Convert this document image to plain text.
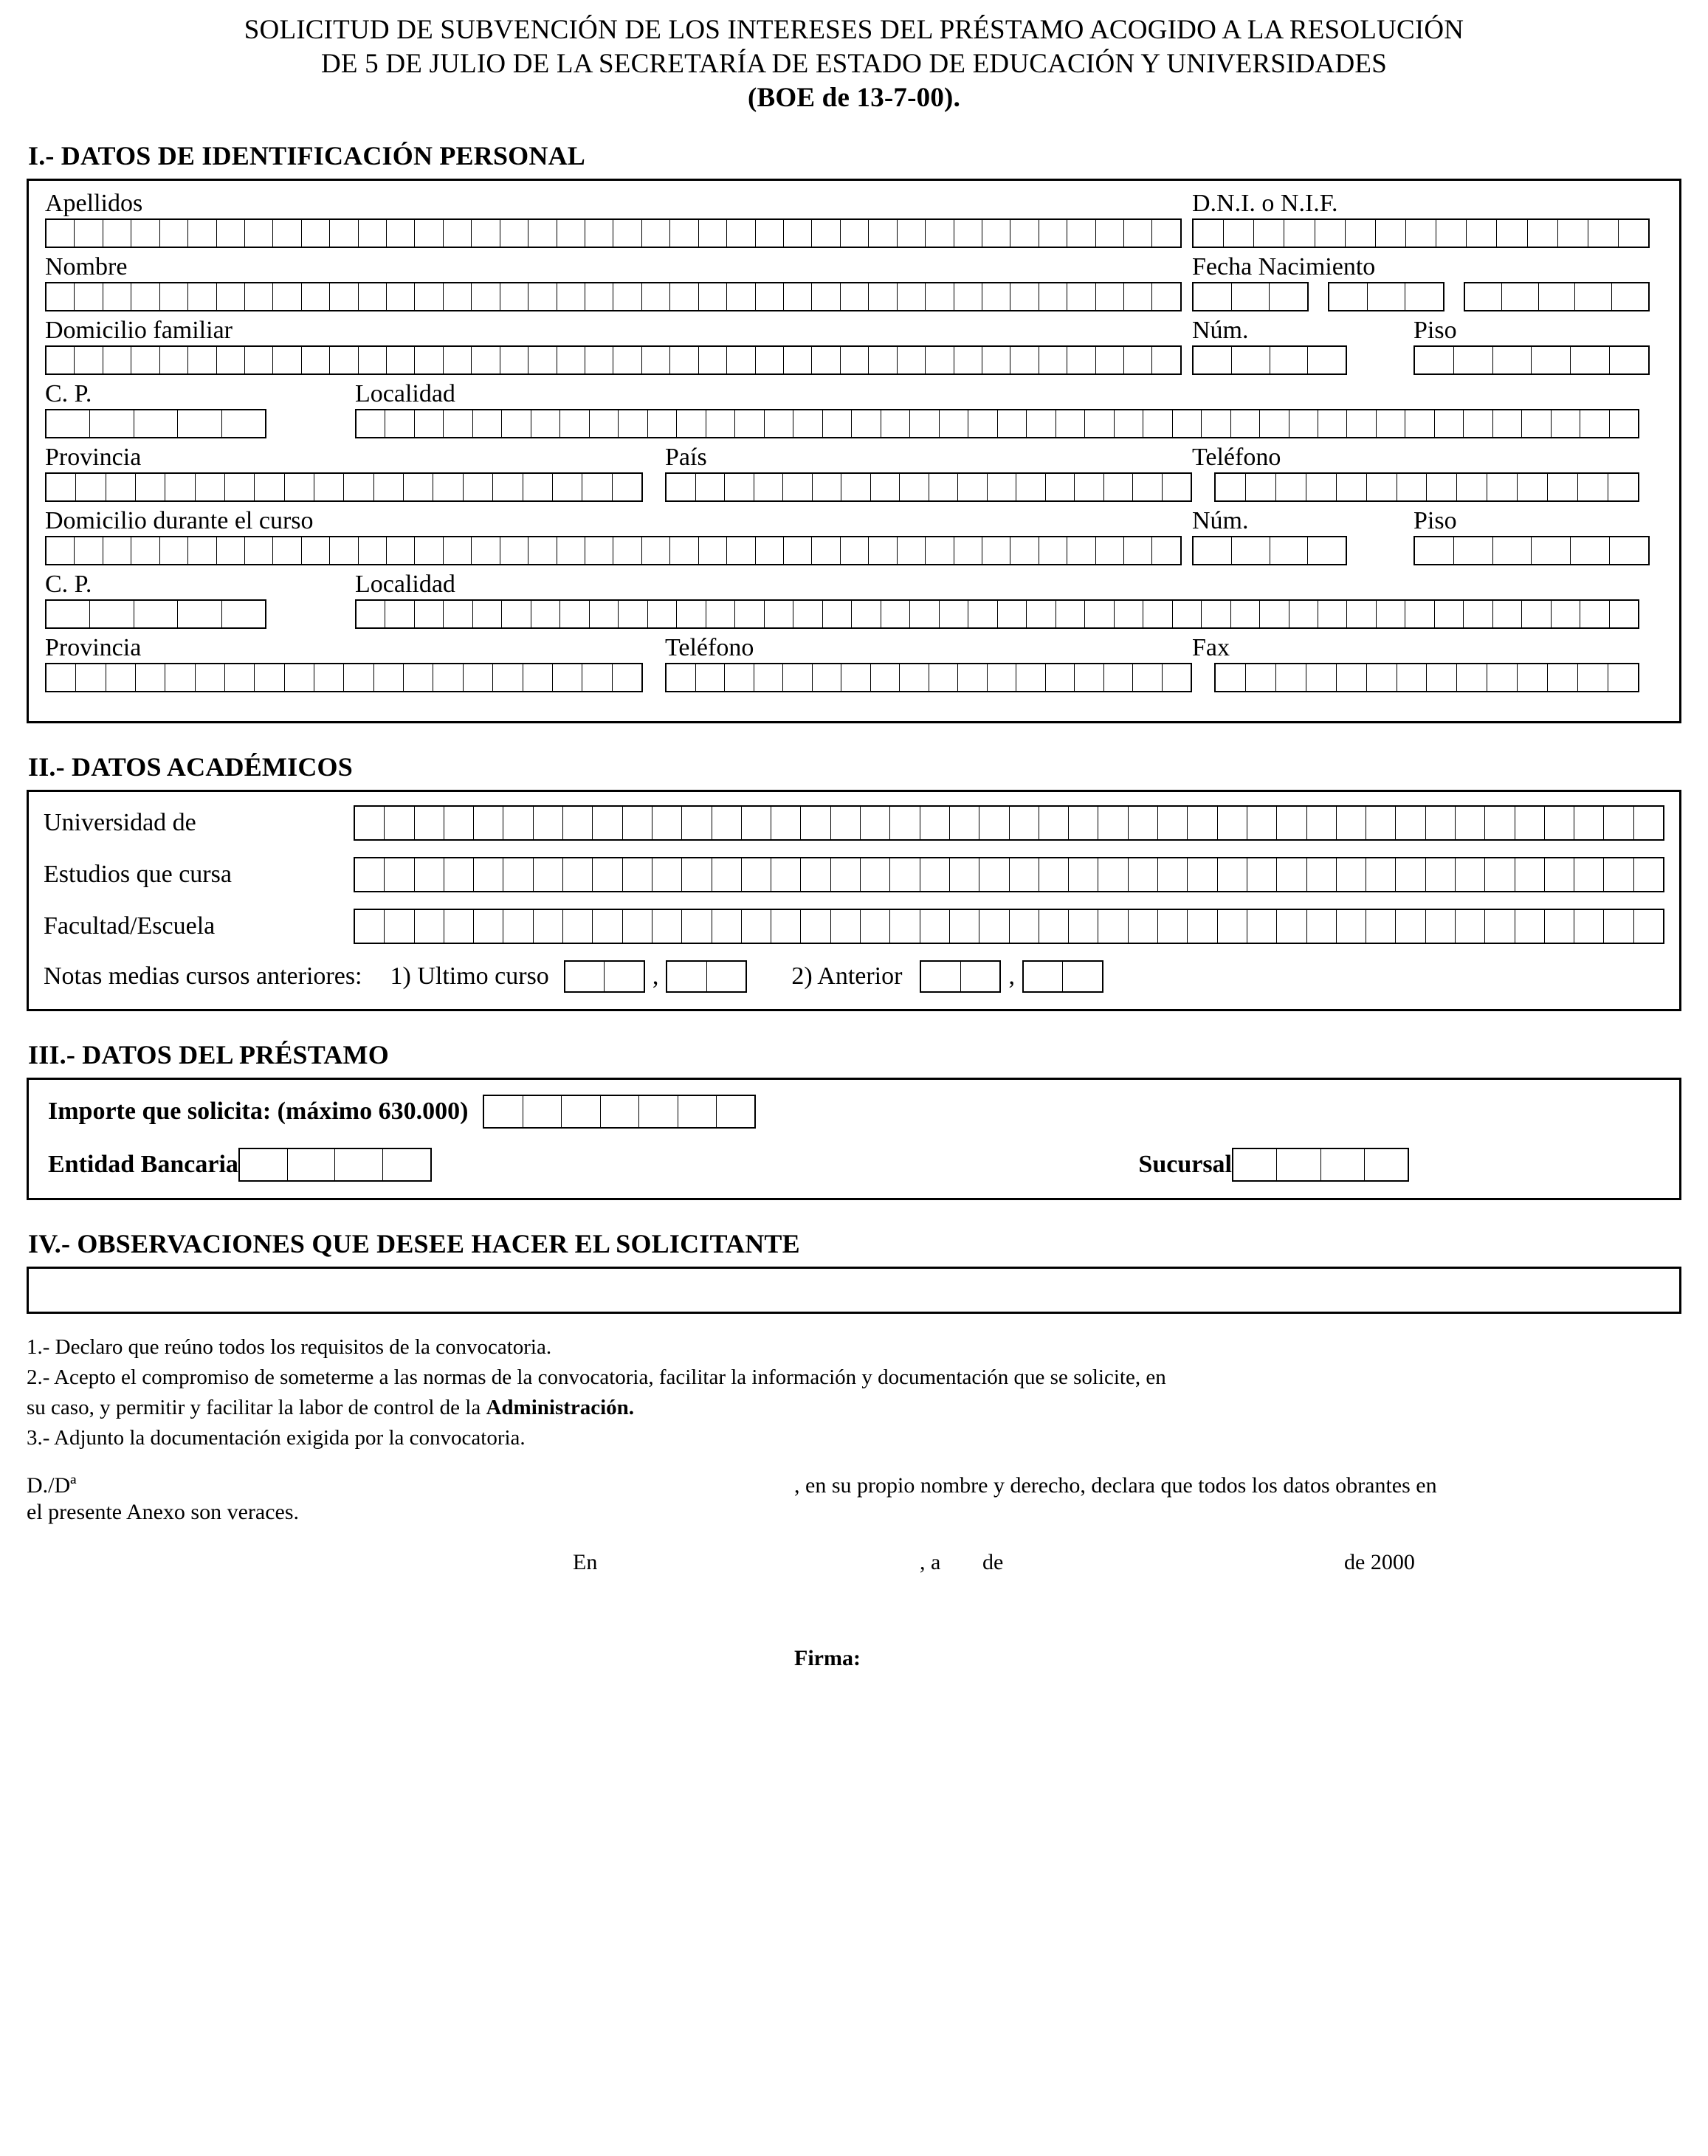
SOLICITUD DE SUBVENCIÓN DE LOS INTERESES DEL PRÉSTAMO ACOGIDO A LA RESOLUCIÓN
DE 5 DE JULIO DE LA SECRETARÍA DE ESTADO DE EDUCACIÓN Y UNIVERSIDADES
(BOE de 13-7-00).
I.- DATOS DE IDENTIFICACIÓN PERSONAL
Apellidos	D.N.I. o N.I.F.
Nombre	Fecha Nacimiento
Domicilio familiar	Núm.	Piso
C. P.	Localidad
Provincia	País	Teléfono
Domicilio durante el curso	Núm.	Piso
C. P.	Localidad
Provincia	Teléfono	Fax
II.- DATOS ACADÉMICOS
Universidad de
Estudios que cursa
Facultad/Escuela
Notas medias cursos anteriores: 1) Ultimo curso	,	2) Anterior	,
III.- DATOS DEL PRÉSTAMO
Importe que solicita: (máximo 630.000)
Entidad Bancaria	Sucursal
IV.- OBSERVACIONES QUE DESEE HACER EL SOLICITANTE

1.- Declaro que reúno todos los requisitos de la convocatoria.

2.- Acepto el compromiso de someterme a las normas de la convocatoria, facilitar la información y documentación que se solicite, en

su caso, y permitir y facilitar la labor de control de la Administración.

3.- Adjunto la documentación exigida por la convocatoria.

D./Dª	, en su propio nombre y derecho, declara que todos los datos obrantes en
el presente Anexo son veraces.
En	, a	de	de 2000
Firma:
